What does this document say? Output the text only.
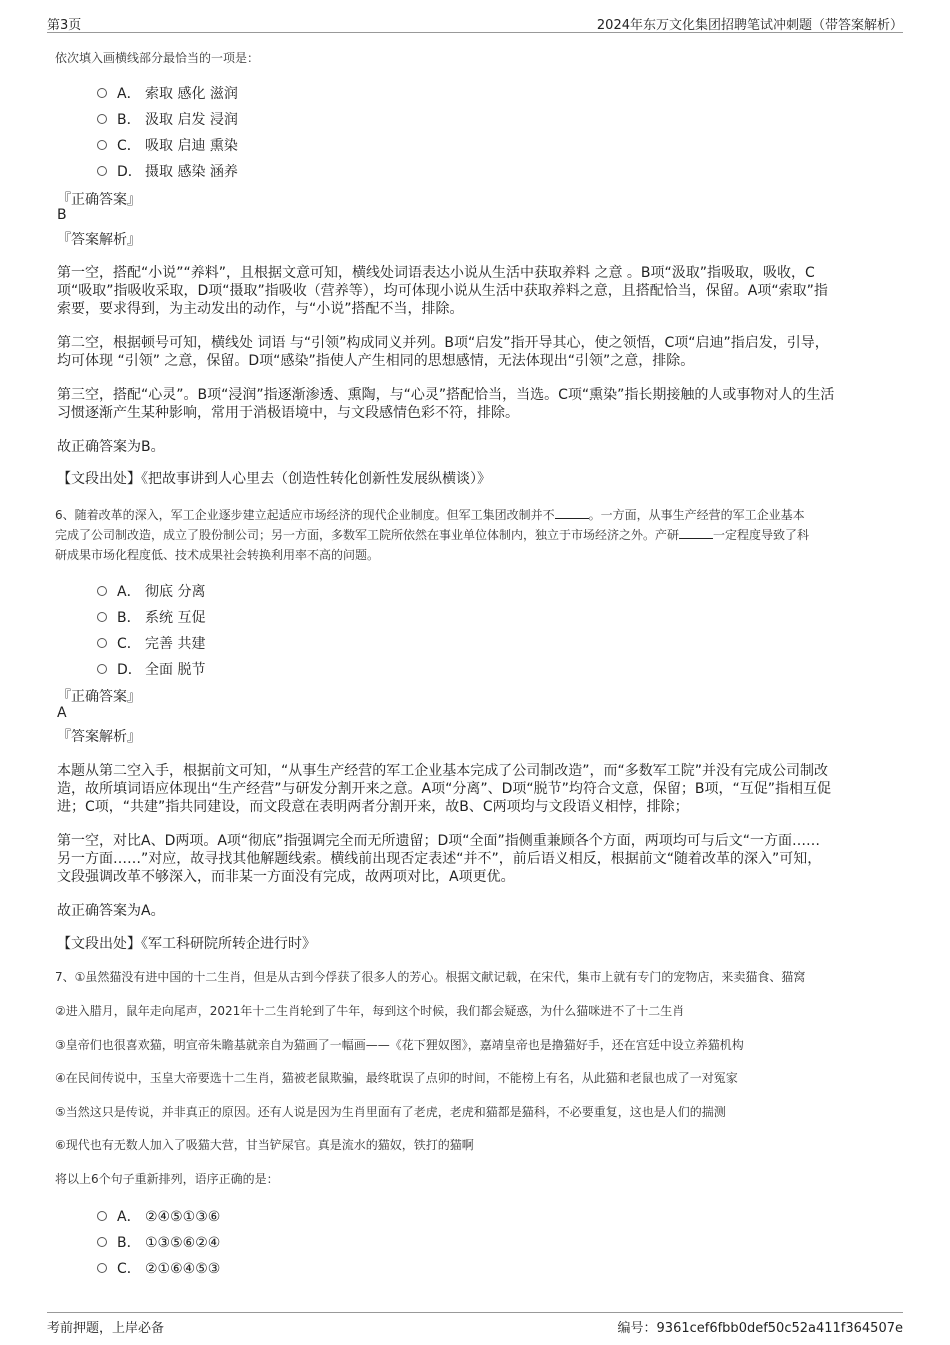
第3页	2024年东万文化集团招聘笔试冲刺题（带答案解析）
依次填入画横线部分最恰当的一项是：
A． 索取 感化 滋润
B． 汲取 启发 浸润
C． 吸取 启迪 熏染
D． 摄取 感染 涵养
『正确答案』
B
『答案解析』
第一空，搭配“小说”“养料”，且根据文意可知，横线处词语表达小说从生活中获取养料 之意 。B项“汲取”指吸取，吸收，C
项“吸取”指吸收采取，D项“摄取”指吸收（营养等），均可体现小说从生活中获取养料之意，且搭配恰当，保留。A项“索取”指
索要，要求得到，为主动发出的动作，与“小说”搭配不当，排除。
第二空，根据顿号可知，横线处 词语 与“引领”构成同义并列。B项“启发”指开导其心，使之领悟，C项“启迪”指启发，引导，
均可体现 “引领” 之意，保留。D项“感染”指使人产生相同的思想感情，无法体现出“引领”之意，排除。
第三空，搭配“心灵”。B项“浸润”指逐渐渗透、熏陶，与“心灵”搭配恰当，当选。C项“熏染”指长期接触的人或事物对人的生活
习惯逐渐产生某种影响，常用于消极语境中，与文段感情色彩不符，排除。
故正确答案为B。
【文段出处】《把故事讲到人心里去（创造性转化创新性发展纵横谈）》
6、随着改革的深入，军工企业逐步建立起适应市场经济的现代企业制度。但军工集团改制并不	。一方面，从事生产经营的军工企业基本
完成了公司制改造，成立了股份制公司；另一方面，多数军工院所依然在事业单位体制内，独立于市场经济之外。产研	一定程度导致了科
研成果市场化程度低、技术成果社会转换利用率不高的问题。
A． 彻底 分离
B． 系统 互促
C． 完善 共建
D． 全面 脱节
『正确答案』
A
『答案解析』
本题从第二空入手，根据前文可知，“从事生产经营的军工企业基本完成了公司制改造”，而“多数军工院”并没有完成公司制改
造，故所填词语应体现出“生产经营”与研发分割开来之意。A项“分离”、D项“脱节”均符合文意，保留；B项，“互促”指相互促
进；C项，“共建”指共同建设，而文段意在表明两者分割开来，故B、C两项均与文段语义相悖，排除；
第一空，对比A、D两项。A项“彻底”指强调完全而无所遗留；D项“全面”指侧重兼顾各个方面，两项均可与后文“一方面……
另一方面……”对应，故寻找其他解题线索。横线前出现否定表述“并不”，前后语义相反，根据前文“随着改革的深入”可知，
文段强调改革不够深入，而非某一方面没有完成，故两项对比，A项更优。
故正确答案为A。
【文段出处】《军工科研院所转企进行时》
7、①虽然猫没有进中国的十二生肖，但是从古到今俘获了很多人的芳心。根据文献记载，在宋代，集市上就有专门的宠物店，来卖猫食、猫窝
②进入腊月，鼠年走向尾声，2021年十二生肖轮到了牛年，每到这个时候，我们都会疑惑，为什么猫咪进不了十二生肖
③皇帝们也很喜欢猫，明宣帝朱瞻基就亲自为猫画了一幅画——《花下狸奴图》，嘉靖皇帝也是撸猫好手，还在宫廷中设立养猫机构
④在民间传说中，玉皇大帝要选十二生肖，猫被老鼠欺骗，最终耽误了点卯的时间，不能榜上有名，从此猫和老鼠也成了一对冤家
⑤当然这只是传说，并非真正的原因。还有人说是因为生肖里面有了老虎，老虎和猫都是猫科，不必要重复，这也是人们的揣测
⑥现代也有无数人加入了吸猫大营，甘当铲屎官。真是流水的猫奴，铁打的猫啊
将以上6个句子重新排列，语序正确的是：
A． ②④⑤①③⑥
B． ①③⑤⑥②④
C． ②①⑥④⑤③
考前押题，上岸必备	编号：9361cef6fbb0def50c52a411f364507e
